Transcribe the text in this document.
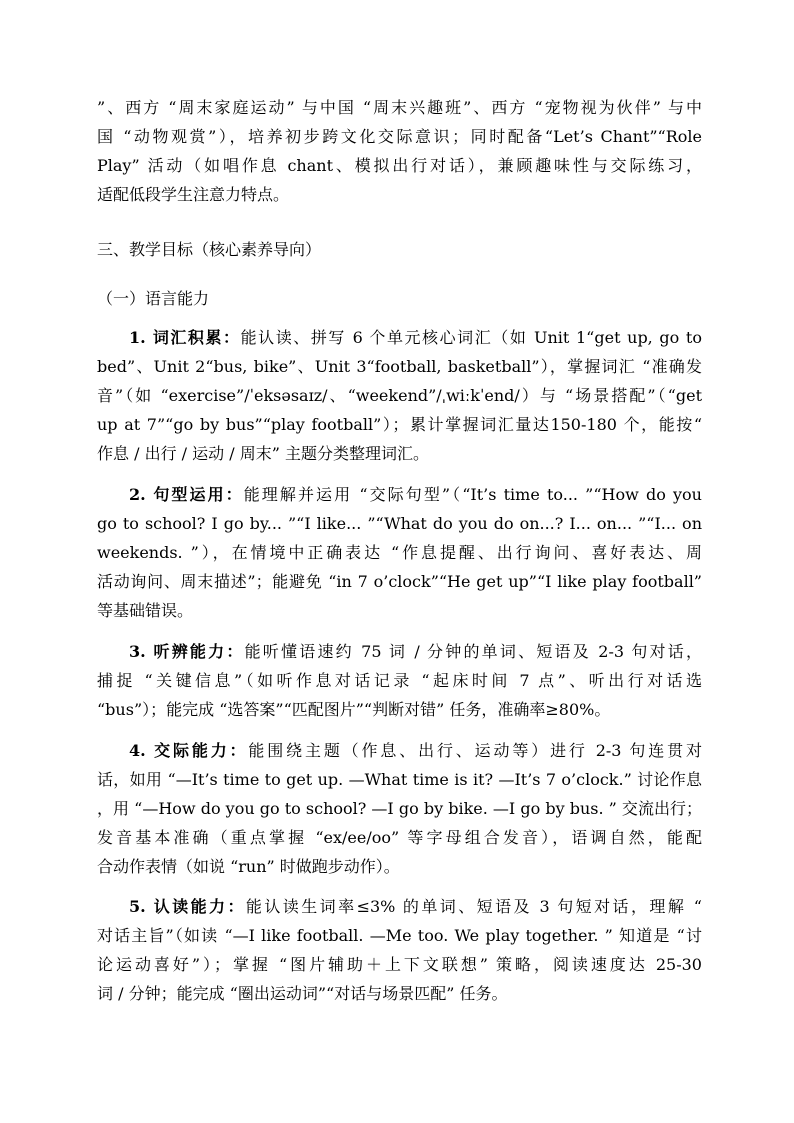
”、西方 “周末家庭运动” 与中国 “周末兴趣班”、西方 “宠物视为伙伴” 与中
国 “动物观赏”），培养初步跨文化交际意识；同时配备“Let’s Chant”“Role
Play” 活动（如唱作息 chant、模拟出行对话），兼顾趣味性与交际练习，
适配低段学生注意力特点。
三、教学目标（核心素养导向）
（一）语言能力
1. 词汇积累：能认读、拼写 6 个单元核心词汇（如 Unit 1“get up, go to
bed”、Unit 2“bus, bike”、Unit 3“football, basketball”），掌握词汇 “准确发
音”（如 “exercise”/ˈeksəsaɪz/、“weekend”/ˌwiːkˈend/）与 “场景搭配”（“get
up at 7”“go by bus”“play football”）；累计掌握词汇量达150-180 个，能按“
作息 / 出行 / 运动 / 周末” 主题分类整理词汇。
2. 句型运用：能理解并运用 “交际句型”（“It’s time to... ”“How do you
go to school? I go by... ”“I like... ”“What do you do on...? I... on... ”“I... on
weekends. ”），在情境中正确表达 “作息提醒、出行询问、喜好表达、周
活动询问、周末描述”；能避免 “in 7 o’clock”“He get up”“I like play football”
等基础错误。
3. 听辨能力：能听懂语速约 75 词 / 分钟的单词、短语及 2-3 句对话，
捕捉 “关键信息”（如听作息对话记录 “起床时间 7 点”、听出行对话选
“bus”）；能完成 “选答案”“匹配图片”“判断对错” 任务，准确率≥80%。
4. 交际能力：能围绕主题（作息、出行、运动等）进行 2-3 句连贯对
话，如用 “—It’s time to get up. —What time is it? —It’s 7 o’clock.” 讨论作息
，用 “—How do you go to school? —I go by bike. —I go by bus. ” 交流出行；
发音基本准确（重点掌握 “ex/ee/oo” 等字母组合发音），语调自然，能配
合动作表情（如说 “run” 时做跑步动作）。
5. 认读能力：能认读生词率≤3% 的单词、短语及 3 句短对话，理解 “
对话主旨”（如读 “—I like football. —Me too. We play together. ” 知道是 “讨
论运动喜好”）；掌握 “图片辅助＋上下文联想” 策略，阅读速度达 25-30
词 / 分钟；能完成 “圈出运动词”“对话与场景匹配” 任务。
